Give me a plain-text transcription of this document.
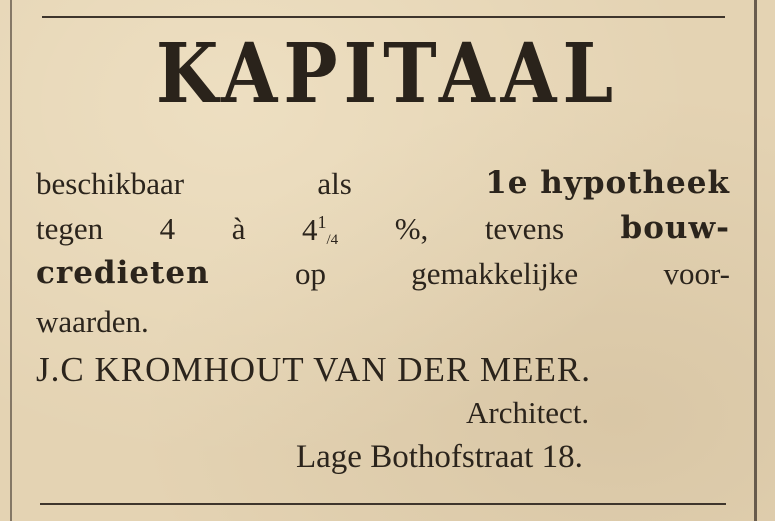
KAPITAAL
beschikbaar	als	1e hypotheek
tegen 4 à $4^1_{/4}$ %, tevens bouw-
credieten	op	gemakkelijke	voor-
waarden.
J.C KROMHOUT VAN DER MEER.
Architect.
Lage Bothofstraat 18.
